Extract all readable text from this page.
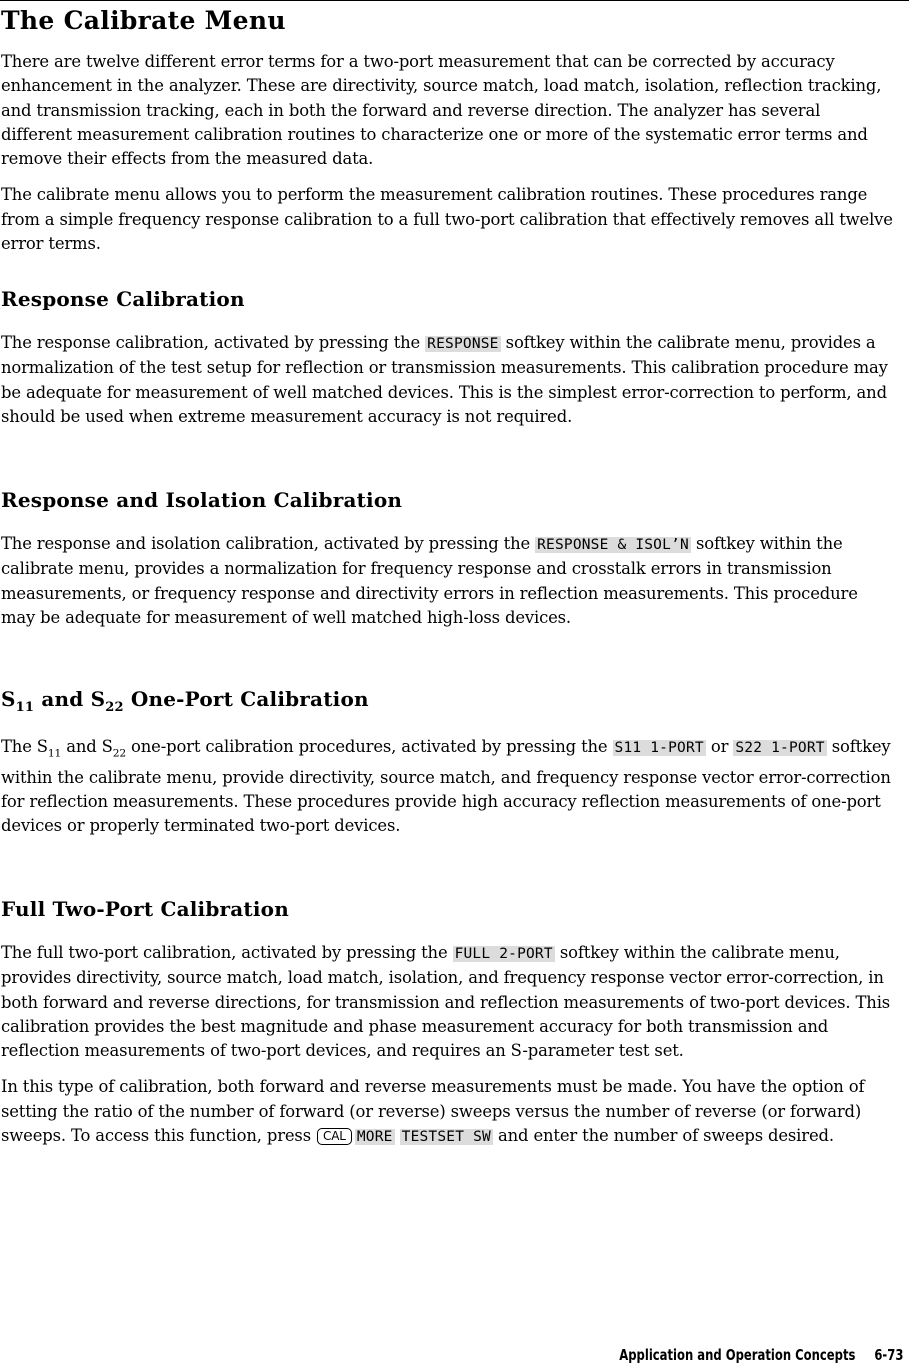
The Calibrate Menu

There are twelve different error terms for a two-port measurement that can be corrected by accuracy enhancement in the analyzer. These are directivity, source match, load match, isolation, reflection tracking, and transmission tracking, each in both the forward and reverse direction. The analyzer has several different measurement calibration routines to characterize one or more of the systematic error terms and remove their effects from the measured data.

The calibrate menu allows you to perform the measurement calibration routines. These procedures range from a simple frequency response calibration to a full two-port calibration that effectively removes all twelve error terms.

Response Calibration

The response calibration, activated by pressing the RESPONSE softkey within the calibrate menu, provides a normalization of the test setup for reflection or transmission measurements. This calibration procedure may be adequate for measurement of well matched devices. This is the simplest error-correction to perform, and should be used when extreme measurement accuracy is not required.

Response and Isolation Calibration

The response and isolation calibration, activated by pressing the RESPONSE & ISOL’N softkey within the calibrate menu, provides a normalization for frequency response and crosstalk errors in transmission measurements, or frequency response and directivity errors in reflection measurements. This procedure may be adequate for measurement of well matched high-loss devices.

$S_{11}$ and $S_{22}$ One-Port Calibration

The $S_{11}$ and $S_{22}$ one-port calibration procedures, activated by pressing the S11 1-PORT or S22 1-PORT softkey within the calibrate menu, provide directivity, source match, and frequency response vector error-correction for reflection measurements. These procedures provide high accuracy reflection measurements of one-port devices or properly terminated two-port devices.

Full Two-Port Calibration

The full two-port calibration, activated by pressing the FULL 2-PORT softkey within the calibrate menu, provides directivity, source match, load match, isolation, and frequency response vector error-correction, in both forward and reverse directions, for transmission and reflection measurements of two-port devices. This calibration provides the best magnitude and phase measurement accuracy for both transmission and reflection measurements of two-port devices, and requires an S-parameter test set.

In this type of calibration, both forward and reverse measurements must be made. You have the option of setting the ratio of the number of forward (or reverse) sweeps versus the number of reverse (or forward) sweeps. To access this function, press CAL MORE TESTSET SW and enter the number of sweeps desired.

Application and Operation Concepts 6-73
